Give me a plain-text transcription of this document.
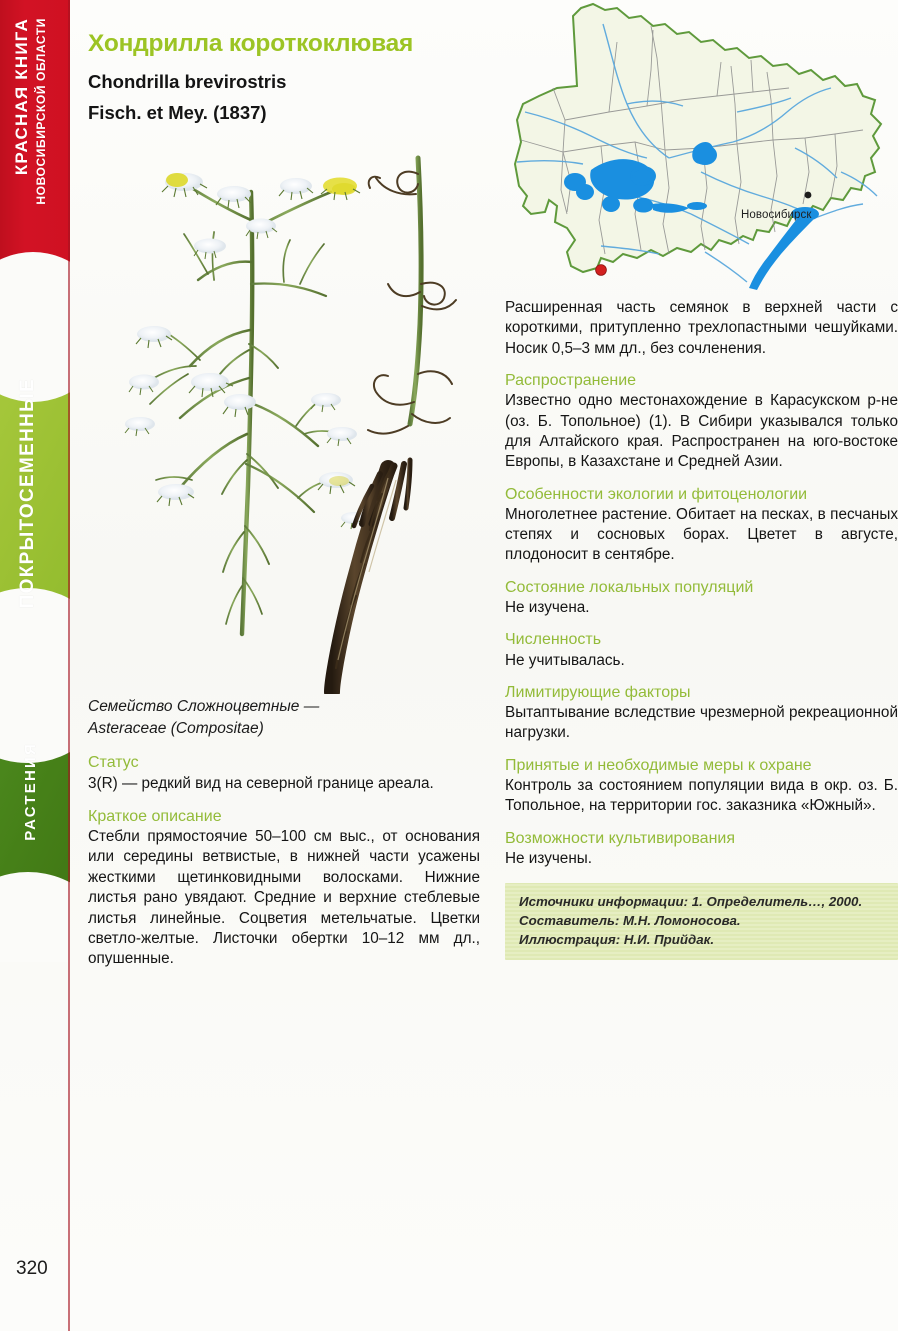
КРАСНАЯ КНИГА НОВОСИБИРСКОЙ ОБЛАСТИ
ПОКРЫТОСЕМЕННЫЕ
РАСТЕНИЯ
Хондрилла короткоклювая

Chondrilla brevirostris

Fisch. et Mey. (1837)

Семейство Сложноцветные —
Asteraceae (Compositae)

Статус

3(R) — редкий вид на северной границе ареала.

Краткое описание

Стебли прямостоячие 50–100 см выс., от основания или середины ветвистые, в нижней части усажены жесткими щетинковидными волосками. Нижние листья рано увядают. Средние и верхние стеблевые листья линейные. Соцветия метельчатые. Цветки светло-желтые. Листочки обертки 10–12 мм дл., опушенные.

Новосибирск

Расширенная часть семянок в верхней части с короткими, притупленно трехлопастными чешуйками. Носик 0,5–3 мм дл., без сочленения.

Распространение

Известно одно местонахождение в Карасукском р-не (оз. Б. Топольное) (1). В Сибири указывался только для Алтайского края. Распространен на юго-востоке Европы, в Казахстане и Средней Азии.

Особенности экологии и фитоценологии

Многолетнее растение. Обитает на песках, в песчаных степях и сосновых борах. Цветет в августе, плодоносит в сентябре.

Состояние локальных популяций

Не изучена.

Численность

Не учитывалась.

Лимитирующие факторы

Вытаптывание вследствие чрезмерной рекреационной нагрузки.

Принятые и необходимые меры к охране

Контроль за состоянием популяции вида в окр. оз. Б. Топольное, на территории гос. заказника «Южный».

Возможности культивирования

Не изучены.

Источники информации: 1. Определитель…, 2000.

Составитель: М.Н. Ломоносова.

Иллюстрация: Н.И. Прийдак.

320
